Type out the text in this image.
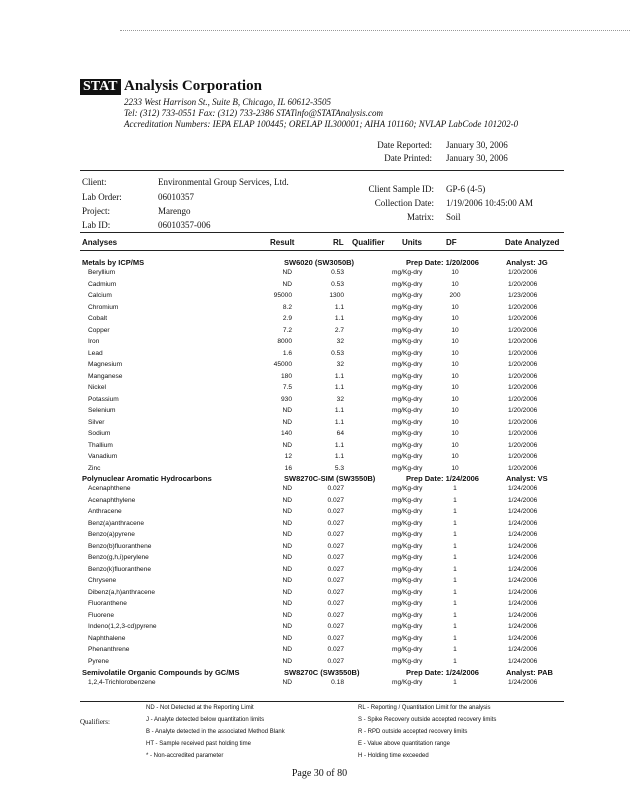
STAT Analysis Corporation
2233 West Harrison St., Suite B, Chicago, IL 60612-3505
Tel: (312) 733-0551 Fax: (312) 733-2386 STATinfo@STATAnalysis.com
Accreditation Numbers: IEPA ELAP 100445; ORELAP IL300001; AIHA 101160; NVLAP LabCode 101202-0
Date Reported: January 30, 2006
Date Printed: January 30, 2006
Client:	Environmental Group Services, Ltd.
Lab Order:	06010357
Project:	Marengo
Lab ID:	06010357-006
Client Sample ID: GP-6 (4-5)
Collection Date: 1/19/2006 10:45:00 AM
Matrix: Soil
Analyses	Result	RL Qualifier Units	DF	Date Analyzed
Metals by ICP/MS	SW6020 (SW3050B)	Prep Date: 1/20/2006	Analyst: JG
Beryllium	ND	0.53	mg/Kg-dry	10	1/20/2006
Cadmium	ND	0.53	mg/Kg-dry	10	1/20/2006
Calcium	95000	1300	mg/Kg-dry	200	1/23/2006
Chromium	8.2	1.1	mg/Kg-dry	10	1/20/2006
Cobalt	2.9	1.1	mg/Kg-dry	10	1/20/2006
Copper	7.2	2.7	mg/Kg-dry	10	1/20/2006
Iron	8000	32	mg/Kg-dry	10	1/20/2006
Lead	1.6	0.53	mg/Kg-dry	10	1/20/2006
Magnesium	45000	32	mg/Kg-dry	10	1/20/2006
Manganese	180	1.1	mg/Kg-dry	10	1/20/2006
Nickel	7.5	1.1	mg/Kg-dry	10	1/20/2006
Potassium	930	32	mg/Kg-dry	10	1/20/2006
Selenium	ND	1.1	mg/Kg-dry	10	1/20/2006
Silver	ND	1.1	mg/Kg-dry	10	1/20/2006
Sodium	140	64	mg/Kg-dry	10	1/20/2006
Thallium	ND	1.1	mg/Kg-dry	10	1/20/2006
Vanadium	12	1.1	mg/Kg-dry	10	1/20/2006
Zinc	16	5.3	mg/Kg-dry	10	1/20/2006
Polynuclear Aromatic Hydrocarbons	SW8270C-SIM (SW3550B)	Prep Date: 1/24/2006	Analyst: VS
Acenaphthene	ND	0.027	mg/Kg-dry	1	1/24/2006
Acenaphthylene	ND	0.027	mg/Kg-dry	1	1/24/2006
Anthracene	ND	0.027	mg/Kg-dry	1	1/24/2006
Benz(a)anthracene	ND	0.027	mg/Kg-dry	1	1/24/2006
Benzo(a)pyrene	ND	0.027	mg/Kg-dry	1	1/24/2006
Benzo(b)fluoranthene	ND	0.027	mg/Kg-dry	1	1/24/2006
Benzo(g,h,i)perylene	ND	0.027	mg/Kg-dry	1	1/24/2006
Benzo(k)fluoranthene	ND	0.027	mg/Kg-dry	1	1/24/2006
Chrysene	ND	0.027	mg/Kg-dry	1	1/24/2006
Dibenz(a,h)anthracene	ND	0.027	mg/Kg-dry	1	1/24/2006
Fluoranthene	ND	0.027	mg/Kg-dry	1	1/24/2006
Fluorene	ND	0.027	mg/Kg-dry	1	1/24/2006
Indeno(1,2,3-cd)pyrene	ND	0.027	mg/Kg-dry	1	1/24/2006
Naphthalene	ND	0.027	mg/Kg-dry	1	1/24/2006
Phenanthrene	ND	0.027	mg/Kg-dry	1	1/24/2006
Pyrene	ND	0.027	mg/Kg-dry	1	1/24/2006
Semivolatile Organic Compounds by GC/MS	SW8270C (SW3550B)	Prep Date: 1/24/2006	Analyst: PAB
1,2,4-Trichlorobenzene	ND	0.18	mg/Kg-dry	1	1/24/2006
Qualifiers:
ND - Not Detected at the Reporting Limit
J - Analyte detected below quantitation limits
B - Analyte detected in the associated Method Blank
HT - Sample received past holding time
* - Non-accredited parameter
RL - Reporting / Quantitation Limit for the analysis
S - Spike Recovery outside accepted recovery limits
R - RPD outside accepted recovery limits
E - Value above quantitation range
H - Holding time exceeded
Page 30 of 80
